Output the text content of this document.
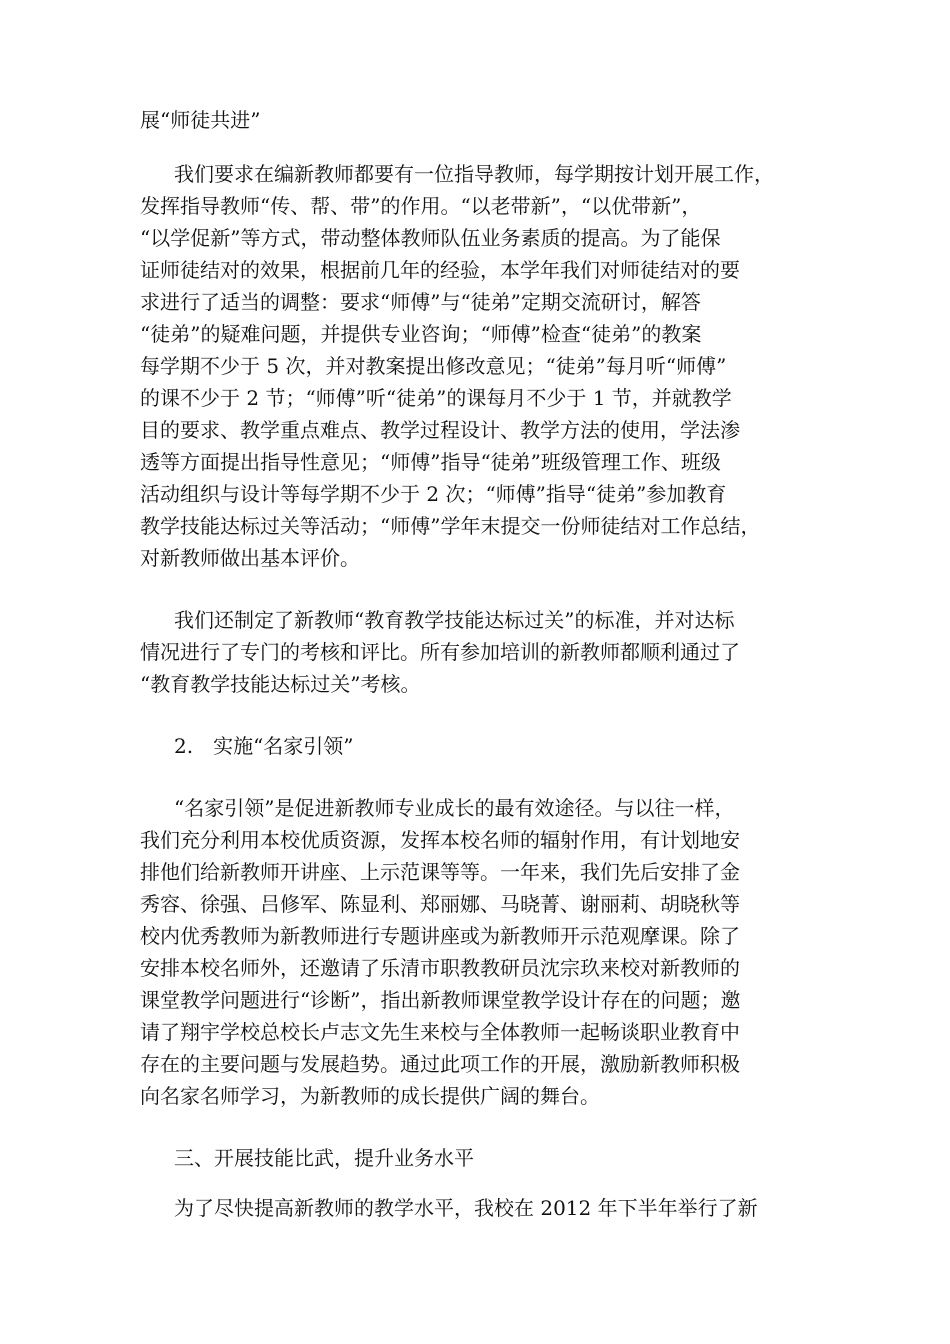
展“师徒共进”
我们要求在编新教师都要有一位指导教师，每学期按计划开展工作，
发挥指导教师“传、帮、带”的作用。“以老带新”，“以优带新”，
“以学促新”等方式，带动整体教师队伍业务素质的提高。为了能保
证师徒结对的效果，根据前几年的经验，本学年我们对师徒结对的要
求进行了适当的调整：要求“师傅”与“徒弟”定期交流研讨，解答
“徒弟”的疑难问题，并提供专业咨询；“师傅”检查“徒弟”的教案
每学期不少于 5 次，并对教案提出修改意见；“徒弟”每月听“师傅”
的课不少于 2 节；“师傅”听“徒弟”的课每月不少于 1 节，并就教学
目的要求、教学重点难点、教学过程设计、教学方法的使用，学法渗
透等方面提出指导性意见；“师傅”指导“徒弟”班级管理工作、班级
活动组织与设计等每学期不少于 2 次；“师傅”指导“徒弟”参加教育
教学技能达标过关等活动；“师傅”学年末提交一份师徒结对工作总结，
对新教师做出基本评价。
我们还制定了新教师“教育教学技能达标过关”的标准，并对达标
情况进行了专门的考核和评比。所有参加培训的新教师都顺利通过了
“教育教学技能达标过关”考核。
2.　实施“名家引领”
“名家引领”是促进新教师专业成长的最有效途径。与以往一样，
我们充分利用本校优质资源，发挥本校名师的辐射作用，有计划地安
排他们给新教师开讲座、上示范课等等。一年来，我们先后安排了金
秀容、徐强、吕修军、陈显利、郑丽娜、马晓菁、谢丽莉、胡晓秋等
校内优秀教师为新教师进行专题讲座或为新教师开示范观摩课。除了
安排本校名师外，还邀请了乐清市职教教研员沈宗玖来校对新教师的
课堂教学问题进行“诊断”，指出新教师课堂教学设计存在的问题；邀
请了翔宇学校总校长卢志文先生来校与全体教师一起畅谈职业教育中
存在的主要问题与发展趋势。通过此项工作的开展，激励新教师积极
向名家名师学习，为新教师的成长提供广阔的舞台。
三、开展技能比武，提升业务水平
为了尽快提高新教师的教学水平，我校在 2012 年下半年举行了新
